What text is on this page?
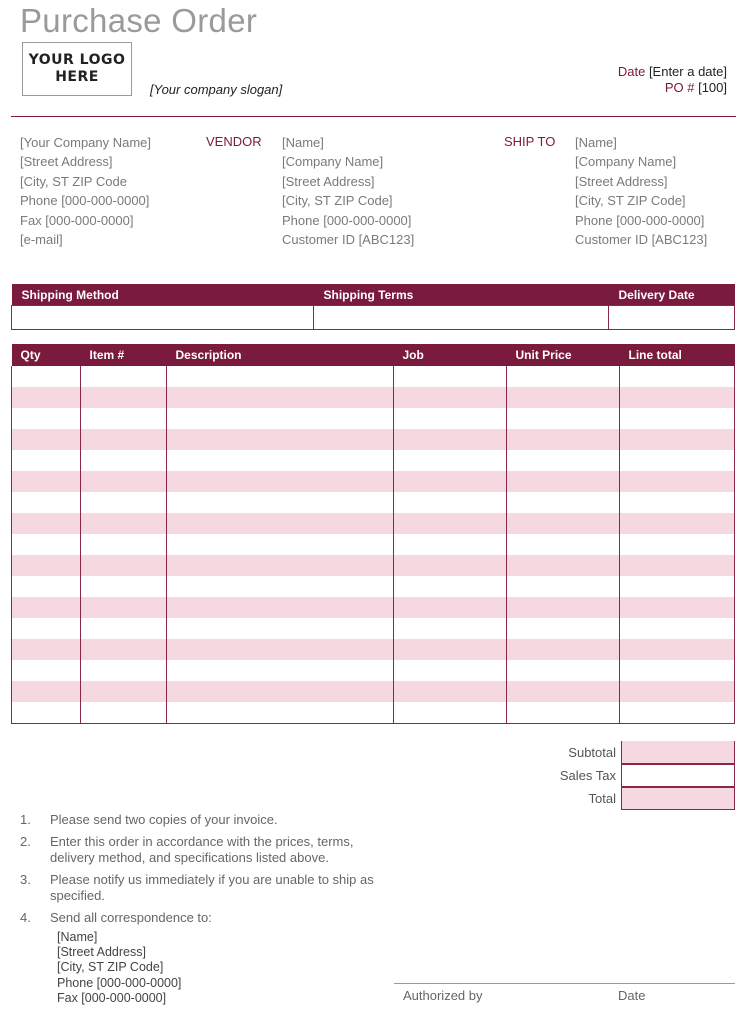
Purchase Order
YOUR LOGO
HERE
[Your company slogan]
Date [Enter a date]
PO # [100]
[Your Company Name]
[Street Address]
[City, ST ZIP Code
Phone [000-000-0000]
Fax [000-000-0000]
[e-mail]
VENDOR [Name]
[Company Name]
[Street Address]
[City, ST ZIP Code]
Phone [000-000-0000]
Customer ID [ABC123]
SHIP TO [Name]
[Company Name]
[Street Address]
[City, ST ZIP Code]
Phone [000-000-0000]
Customer ID [ABC123]
Shipping Method	Shipping Terms	Delivery Date

Qty	Item #	Description	Job	Unit Price	Line total

Subtotal
Sales Tax
Total
1.	Please send two copies of your invoice.
2.	Enter this order in accordance with the prices, terms, delivery method, and specifications listed above.
3.	Please notify us immediately if you are unable to ship as specified.
4.	Send all correspondence to:
[Name]
[Street Address]
[City, ST ZIP Code]
Phone [000-000-0000]
Fax [000-000-0000]	Authorized by	Date
